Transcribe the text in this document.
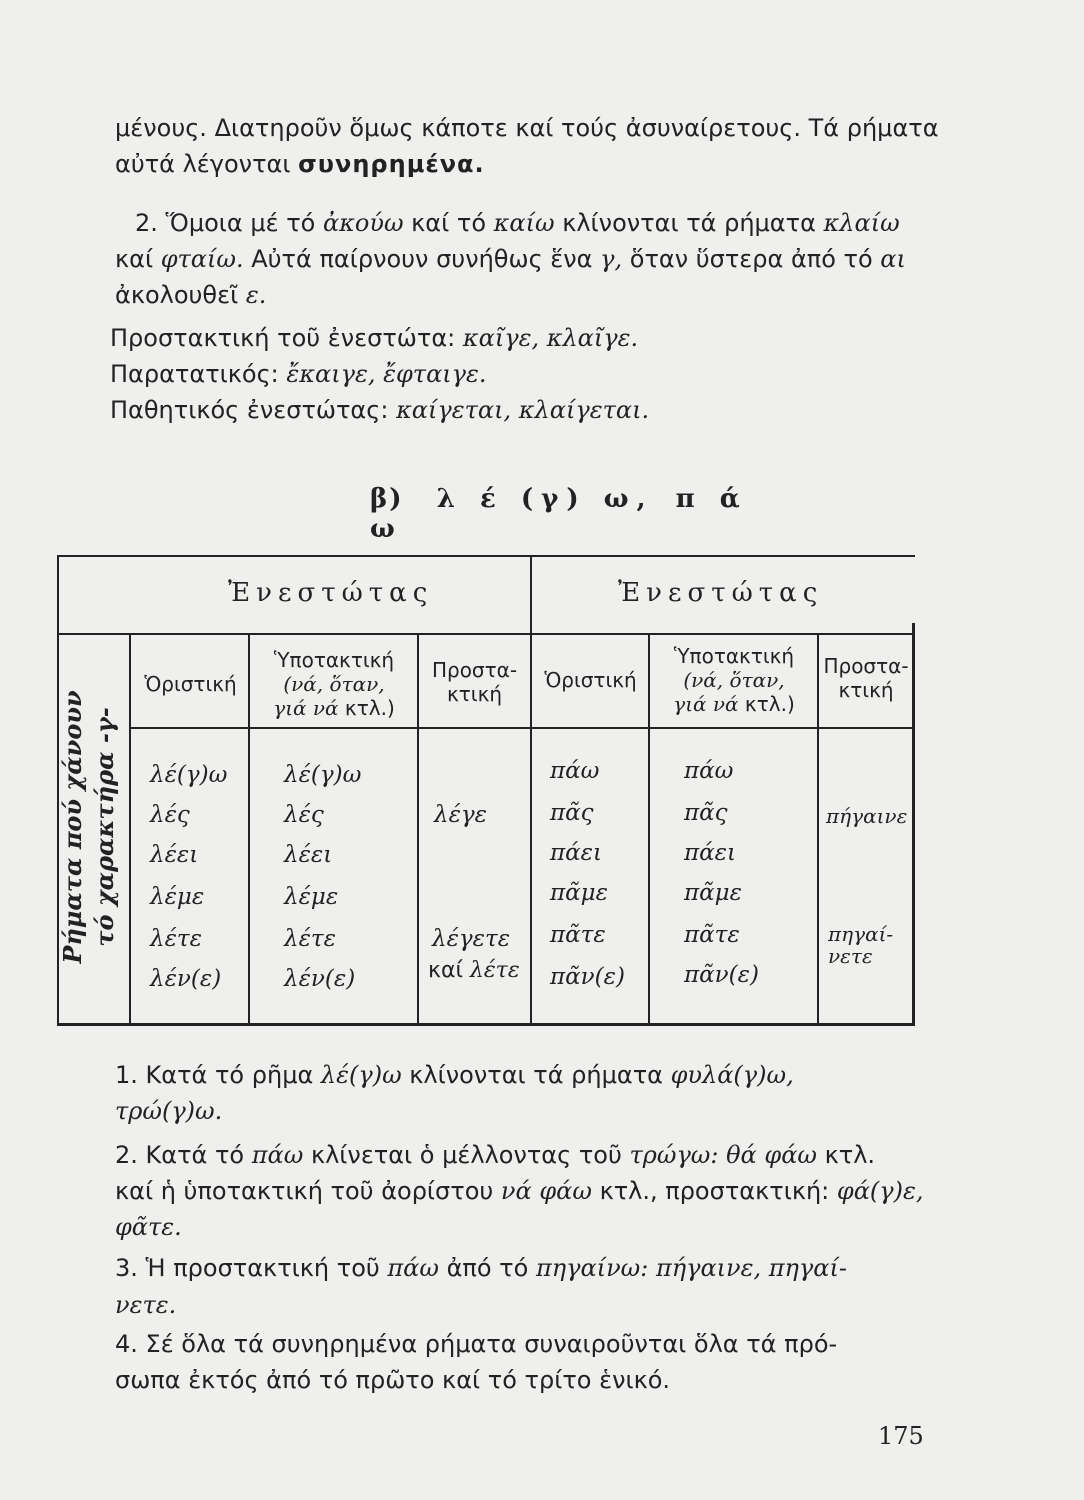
μένους. Διατηροῦν ὅμως κάποτε καί τούς ἀσυναίρετους. Τά ρήματα
αὐτά λέγονται συνηρημένα.
2. Ὅμοια μέ τό ἀκούω καί τό καίω κλίνονται τά ρήματα κλαίω
καί φταίω. Αὐτά παίρνουν συνήθως ἕνα γ, ὅταν ὕστερα ἀπό τό αι
ἀκολουθεῖ ε.
Προστακτική τοῦ ἐνεστώτα: καῖγε, κλαῖγε.
Παρατατικός: ἔκαιγε, ἔφταιγε.
Παθητικός ἐνεστώτας: καίγεται, κλαίγεται.
β) λ έ (γ) ω, π ά ω
Ἐνεστώτας	Ἐνεστώτας
Ρήματα πού χάνουν τό χαρακτήρα -γ-
Ὁριστική
Ὑποτακτική
(νά, ὅταν,
γιά νά κτλ.)
Προστα-
κτική
Ὁριστική
Ὑποτακτική
(νά, ὅταν,
γιά νά κτλ.)
Προστα-
κτική
λέ(γ)ω
λές
λέει
λέμε
λέτε
λέν(ε)
λέ(γ)ω
λές
λέει
λέμε
λέτε
λέν(ε)
λέγε
λέγετε
καί λέτε
πάω
πᾶς
πάει
πᾶμε
πᾶτε
πᾶν(ε)
πάω
πᾶς
πάει
πᾶμε
πᾶτε
πᾶν(ε)
πήγαινε
πηγαί-
νετε
1. Κατά τό ρῆμα λέ(γ)ω κλίνονται τά ρήματα φυλά(γ)ω,
τρώ(γ)ω.
2. Κατά τό πάω κλίνεται ὁ μέλλοντας τοῦ τρώγω: θά φάω κτλ.
καί ἡ ὑποτακτική τοῦ ἀορίστου νά φάω κτλ., προστακτική: φά(γ)ε,
φᾶτε.
3. Ἡ προστακτική τοῦ πάω ἀπό τό πηγαίνω: πήγαινε, πηγαί-
νετε.
4. Σέ ὅλα τά συνηρημένα ρήματα συναιροῦνται ὅλα τά πρό-
σωπα ἐκτός ἀπό τό πρῶτο καί τό τρίτο ἑνικό.
175
